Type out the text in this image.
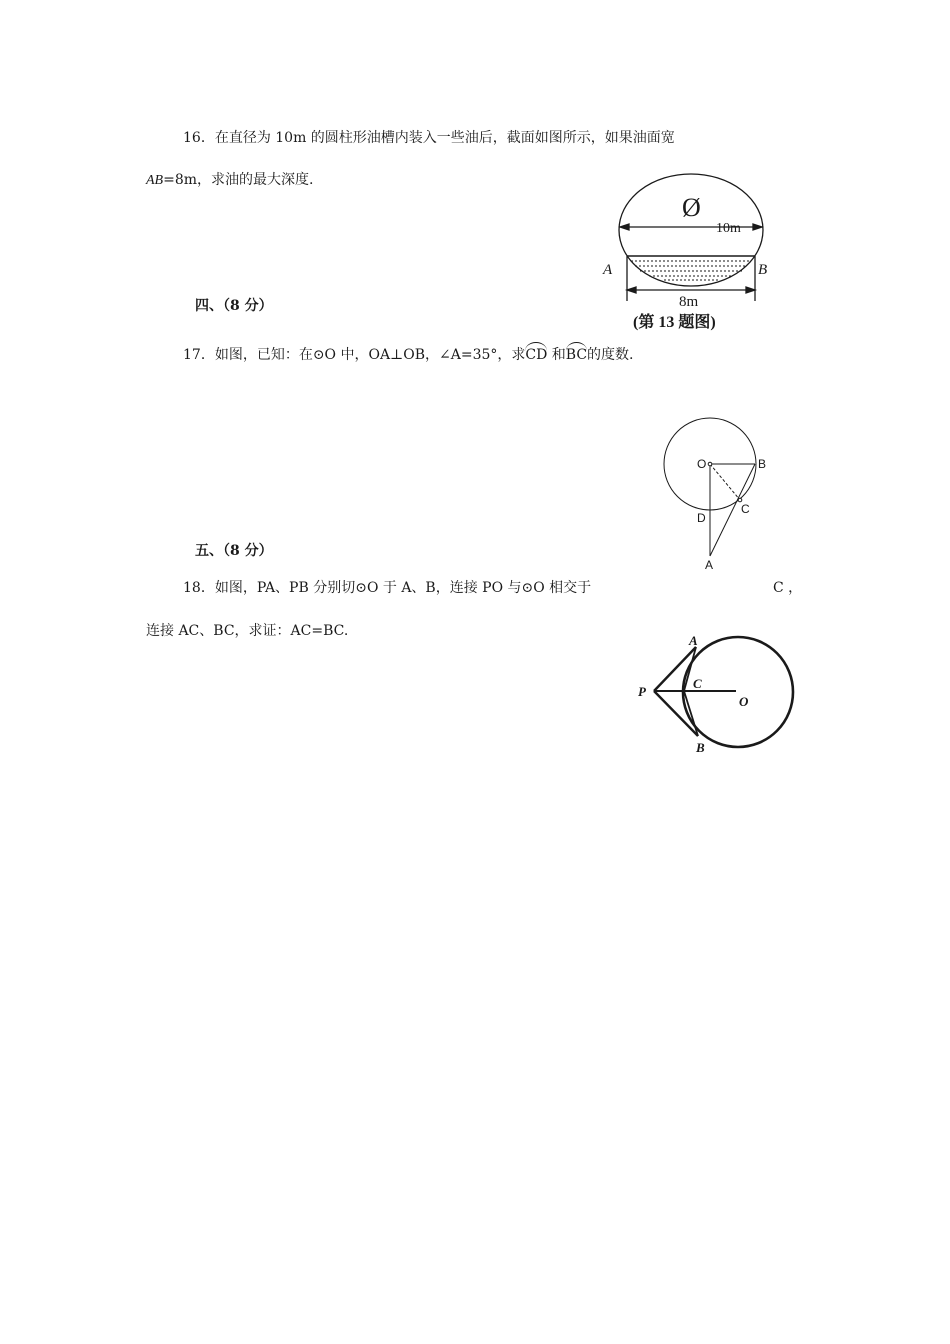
16．在直径为 10m 的圆柱形油槽内装入一些油后，截面如图所示，如果油面宽
AB=8m，求油的最大深度.
Ø
10m
A	B
8m
(第 13 题图)
四、（8 分）
17．如图，已知：在⊙O 中，OA⊥OB，∠A=35°，求CD 和BC的度数.
O	B
C
D
A
五、（8 分）
18．如图，PA、PB 分别切⊙O 于 A、B，连接 PO 与⊙O 相交于	C ，
连接 AC、BC，求证：AC=BC.
A
P
C
O
B
